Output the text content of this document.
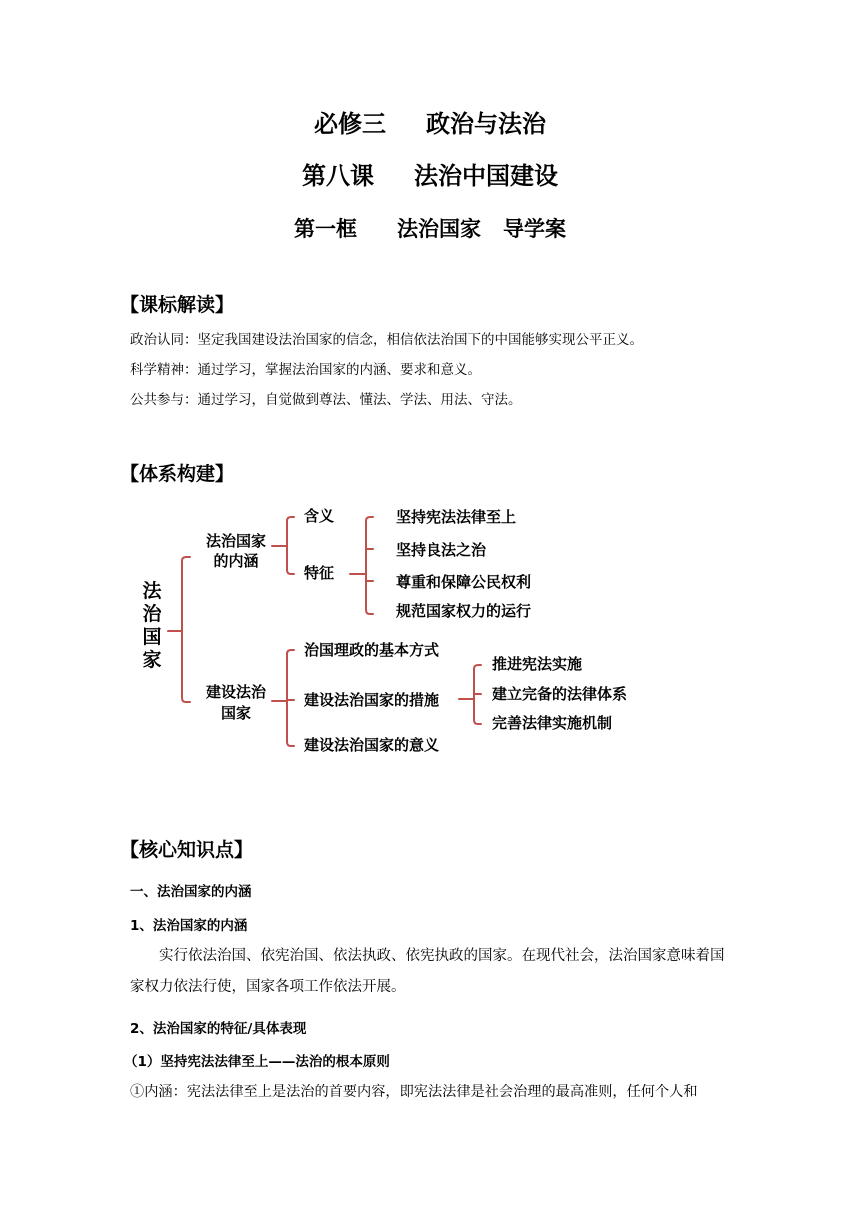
必修三 政治与法治
第八课 法治中国建设
第一框 法治国家 导学案
【课标解读】
政治认同：坚定我国建设法治国家的信念，相信依法治国下的中国能够实现公平正义。
科学精神：通过学习，掌握法治国家的内涵、要求和意义。
公共参与：通过学习，自觉做到尊法、懂法、学法、用法、守法。
【体系构建】
法
治
国
家
法治国家
的内涵
含义
特征
坚持宪法法律至上
坚持良法之治
尊重和保障公民权利
规范国家权力的运行
建设法治
国家
治国理政的基本方式
建设法治国家的措施
建设法治国家的意义
推进宪法实施
建立完备的法律体系
完善法律实施机制
【核心知识点】
一、法治国家的内涵
1、法治国家的内涵
实行依法治国、依宪治国、依法执政、依宪执政的国家。在现代社会，法治国家意味着国家权力依法行使，国家各项工作依法开展。
2、法治国家的特征/具体表现
（1）坚持宪法法律至上——法治的根本原则
①内涵：宪法法律至上是法治的首要内容，即宪法法律是社会治理的最高准则，任何个人和
